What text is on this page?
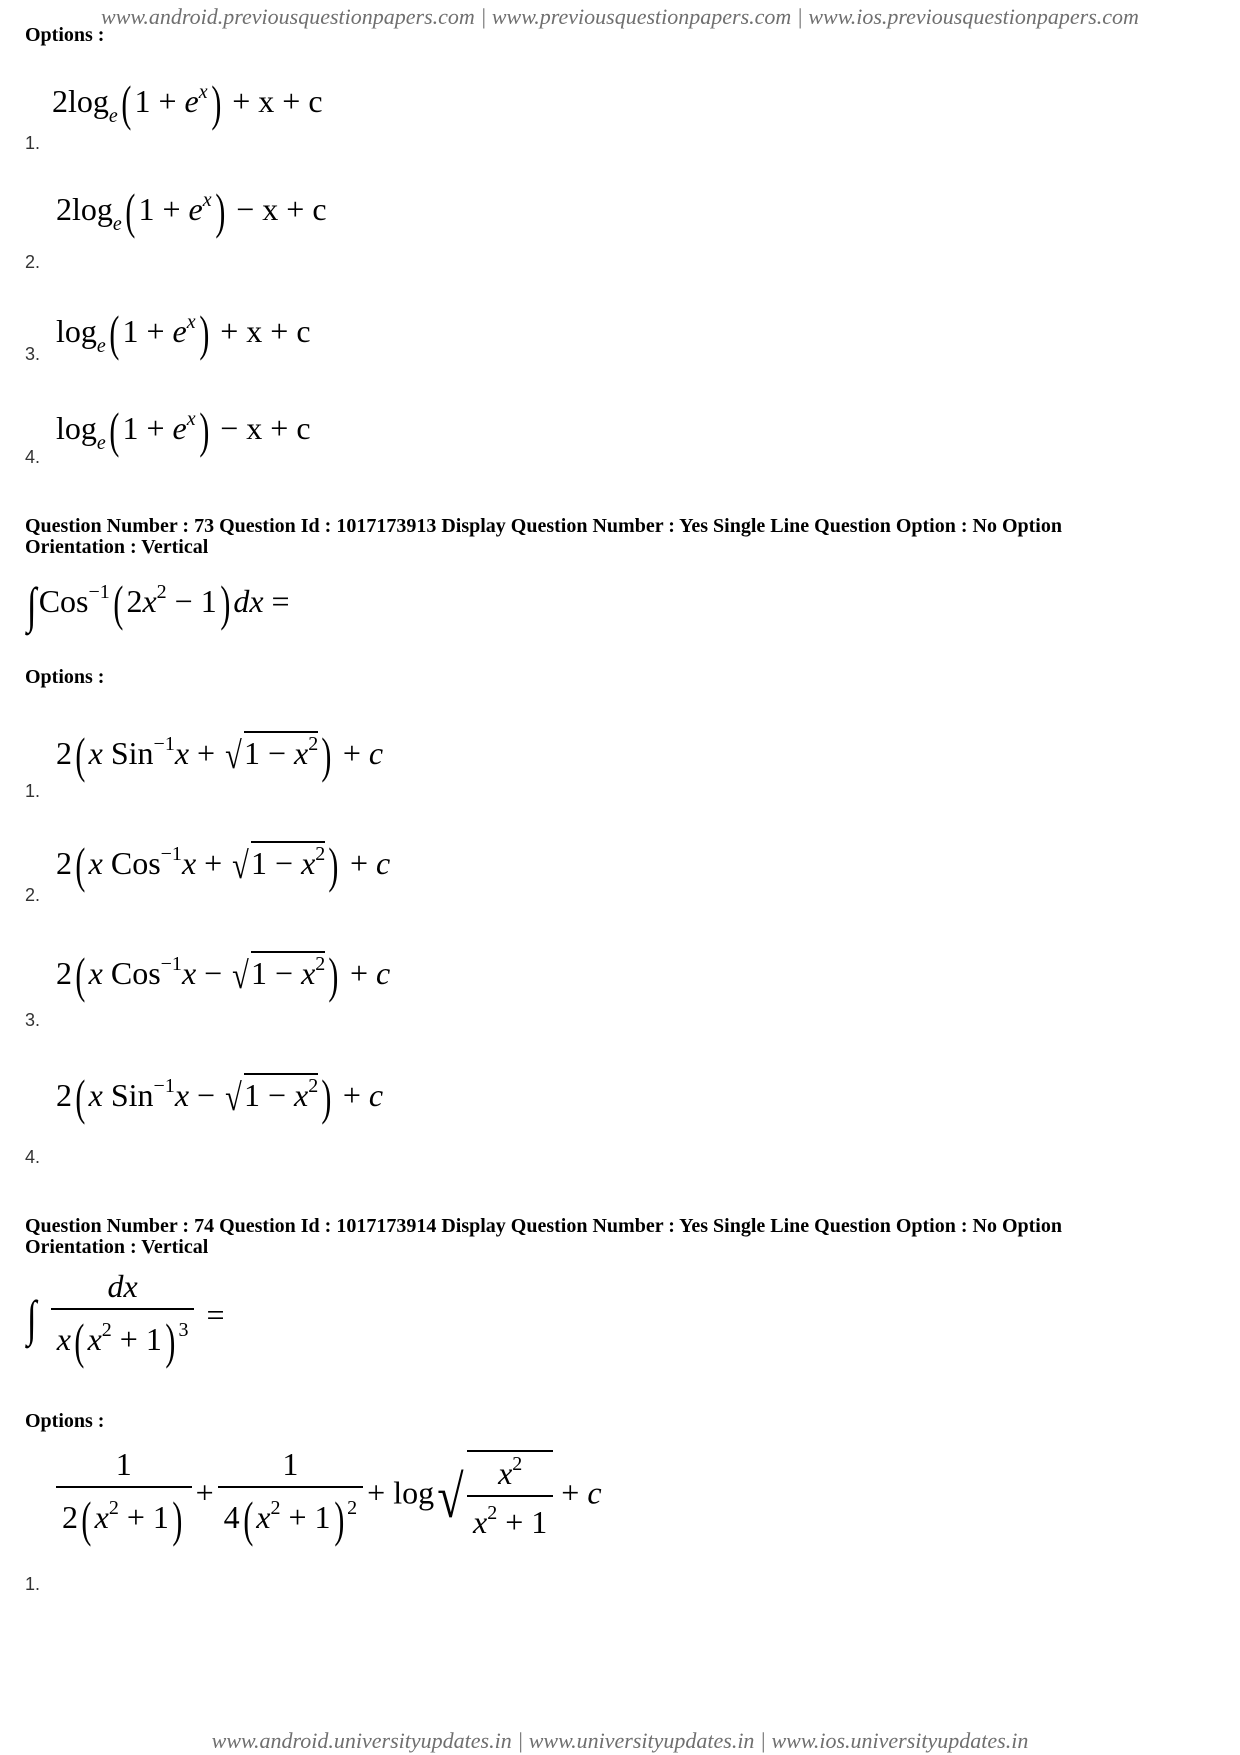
www.android.previousquestionpapers.com | www.previousquestionpapers.com | www.ios.previousquestionpapers.com
Options :
$2\log_e$( $1 + e^x) + x + c$
1.
$2\log_e$( $1 + e^x) - x + c$
2.
$\log_e$( $1 + e^x) + x + c$
3.
$\log_e$( $1 + e^x) - x + c$
4.
Question Number : 73 Question Id : 1017173913 Display Question Number : Yes Single Line Question Option : No Option
Orientation : Vertical
∫Cos$^{-1}$( $2x^2 - 1$) dx =
Options :
2( x $Sin^{-1}x + √1 - x^2) + c$
1.
2( x $Cos^{-1}x + √1 - x^2) + c$
2.
2( x $Cos^{-1}x - √1 - x^2) + c$
3.
2( x $Sin^{-1}x - √1 - x^2) + c$
4.
Question Number : 74 Question Id : 1017173914 Display Question Number : Yes Single Line Question Option : No Option
Orientation : Vertical
∫ $\frac{dx}{x( x^2 + 1) ^3}$ =
Options :
$\frac{1}{2( x^2 + 1)} + \frac{1}{4( x^2 + 1) ^2} + \log√ \frac{x^2}{x^2 + 1} + c$
1.
www.android.universityupdates.in | www.universityupdates.in | www.ios.universityupdates.in
